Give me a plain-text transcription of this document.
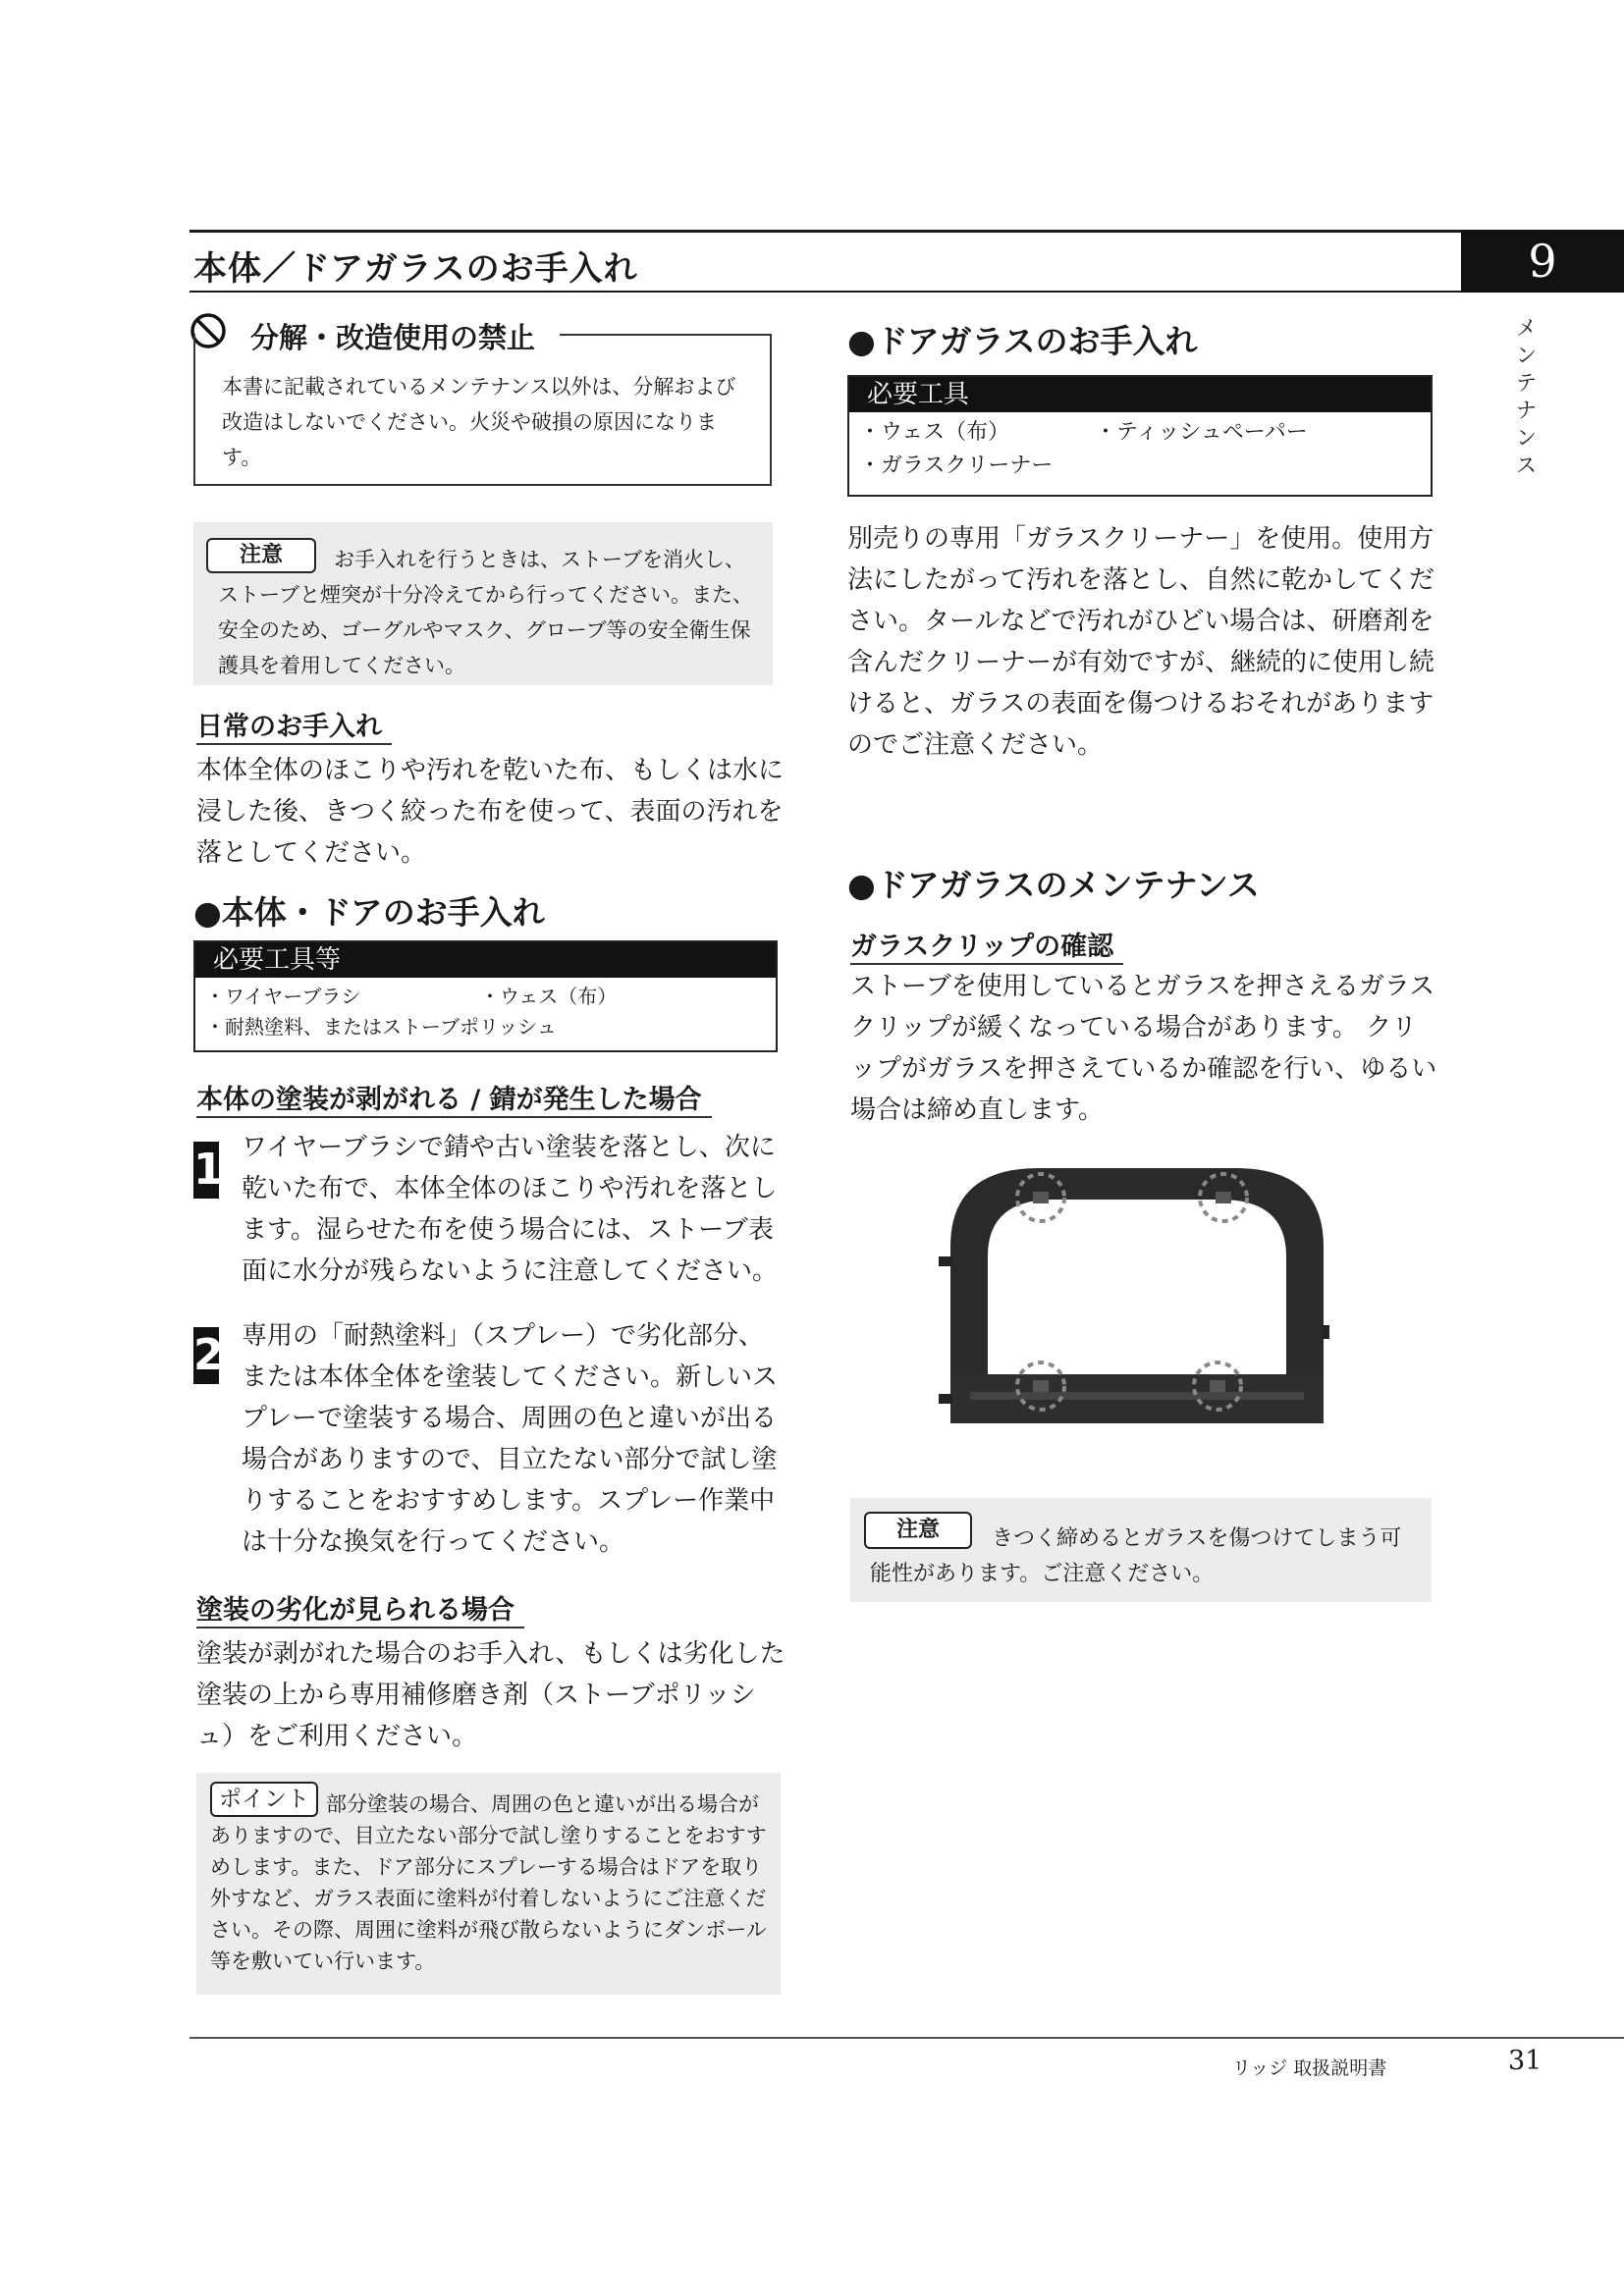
本体／ドアガラスのお手入れ	9
メンテナンス
分解・改造使用の禁止
本書に記載されているメンテナンス以外は、分解および改造はしないでください。火災や破損の原因になります。
お手入れを行うときは、ストーブを消火し、ストーブと煙突が十分冷えてから行ってください。また、安全のため、ゴーグルやマスク、グローブ等の安全衛生保護具を着用してください。
注意
日常のお手入れ
本体全体のほこりや汚れを乾いた布、もしくは水に浸した後、きつく絞った布を使って、表面の汚れを落としてください。
●本体・ドアのお手入れ
必要工具等
・ワイヤーブラシ	・ウェス（布）
・耐熱塗料、またはストーブポリッシュ
本体の塗装が剥がれる / 錆が発生した場合
1 ワイヤーブラシで錆や古い塗装を落とし、次に乾いた布で、本体全体のほこりや汚れを落とします。湿らせた布を使う場合には、ストーブ表面に水分が残らないように注意してください。
2 専用の「耐熱塗料」（スプレー）で劣化部分、または本体全体を塗装してください。新しいスプレーで塗装する場合、周囲の色と違いが出る場合がありますので、目立たない部分で試し塗りすることをおすすめします。スプレー作業中は十分な換気を行ってください。
塗装の劣化が見られる場合
塗装が剥がれた場合のお手入れ、もしくは劣化した塗装の上から専用補修磨き剤（ストーブポリッシュ）をご利用ください。
部分塗装の場合、周囲の色と違いが出る場合がありますので、目立たない部分で試し塗りすることをおすすめします。また、ドア部分にスプレーする場合はドアを取り外すなど、ガラス表面に塗料が付着しないようにご注意ください。その際、周囲に塗料が飛び散らないようにダンボール等を敷いてい行います。
ポイント
●ドアガラスのお手入れ
必要工具
・ウェス（布）	・ティッシュペーパー
・ガラスクリーナー
別売りの専用「ガラスクリーナー」を使用。使用方法にしたがって汚れを落とし、自然に乾かしてください。タールなどで汚れがひどい場合は、研磨剤を含んだクリーナーが有効ですが、継続的に使用し続けると、ガラスの表面を傷つけるおそれがありますのでご注意ください。
●ドアガラスのメンテナンス
ガラスクリップの確認
ストーブを使用しているとガラスを押さえるガラスクリップが緩くなっている場合があります。 クリップがガラスを押さえているか確認を行い、ゆるい場合は締め直します。
きつく締めるとガラスを傷つけてしまう可能性があります。ご注意ください。
注意
リッジ 取扱説明書	31
